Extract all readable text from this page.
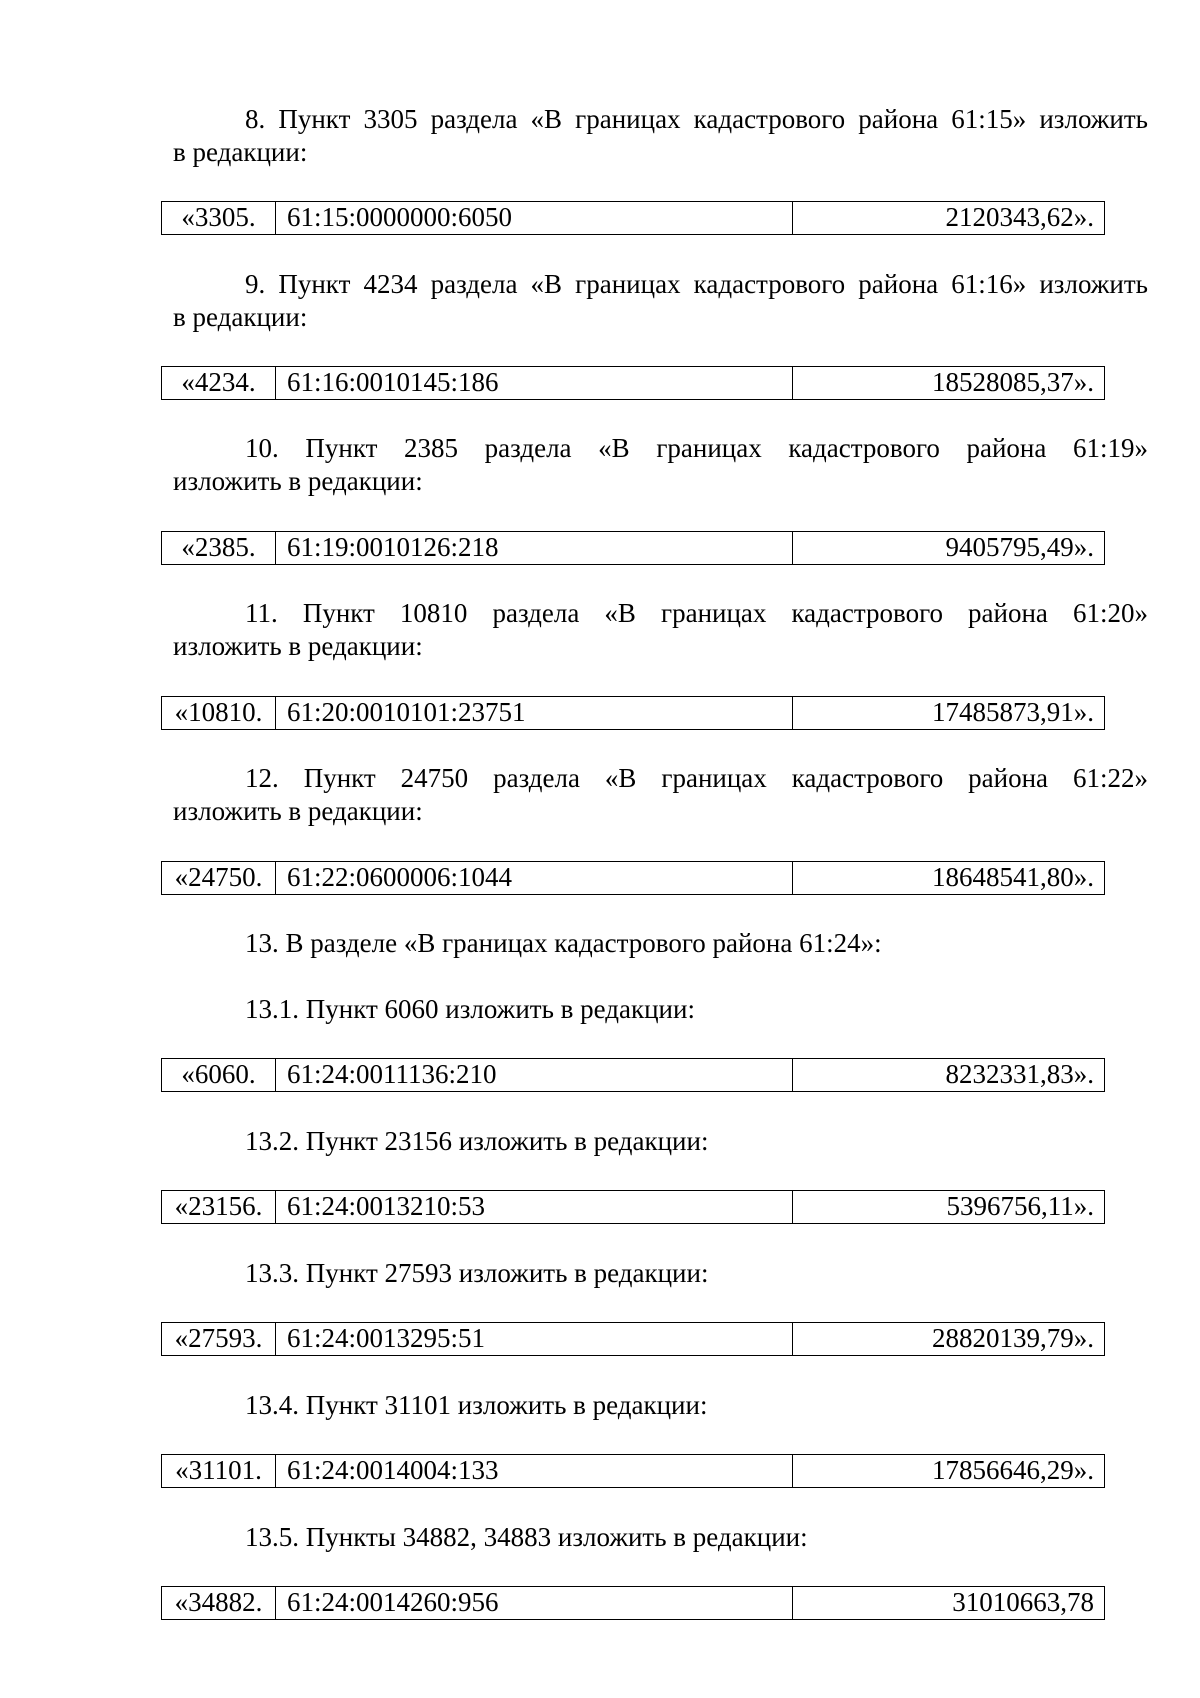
8. Пункт 3305 раздела «В границах кадастрового района 61:15» изложить

в редакции:

«3305.	61:15:0000000:6050	2120343,62».

9. Пункт 4234 раздела «В границах кадастрового района 61:16» изложить

в редакции:

«4234.	61:16:0010145:186	18528085,37».

10. Пункт 2385 раздела «В границах кадастрового района 61:19»

изложить в редакции:

«2385.	61:19:0010126:218	9405795,49».

11. Пункт 10810 раздела «В границах кадастрового района 61:20»

изложить в редакции:

«10810. 61:20:0010101:23751	17485873,91».

12. Пункт 24750 раздела «В границах кадастрового района 61:22»

изложить в редакции:

«24750. 61:22:0600006:1044	18648541,80».

13. В разделе «В границах кадастрового района 61:24»:

13.1. Пункт 6060 изложить в редакции:

«6060.	61:24:0011136:210	8232331,83».

13.2. Пункт 23156 изложить в редакции:

«23156. 61:24:0013210:53	5396756,11».

13.3. Пункт 27593 изложить в редакции:

«27593. 61:24:0013295:51	28820139,79».

13.4. Пункт 31101 изложить в редакции:

«31101. 61:24:0014004:133	17856646,29».

13.5. Пункты 34882, 34883 изложить в редакции:

«34882. 61:24:0014260:956	31010663,78
